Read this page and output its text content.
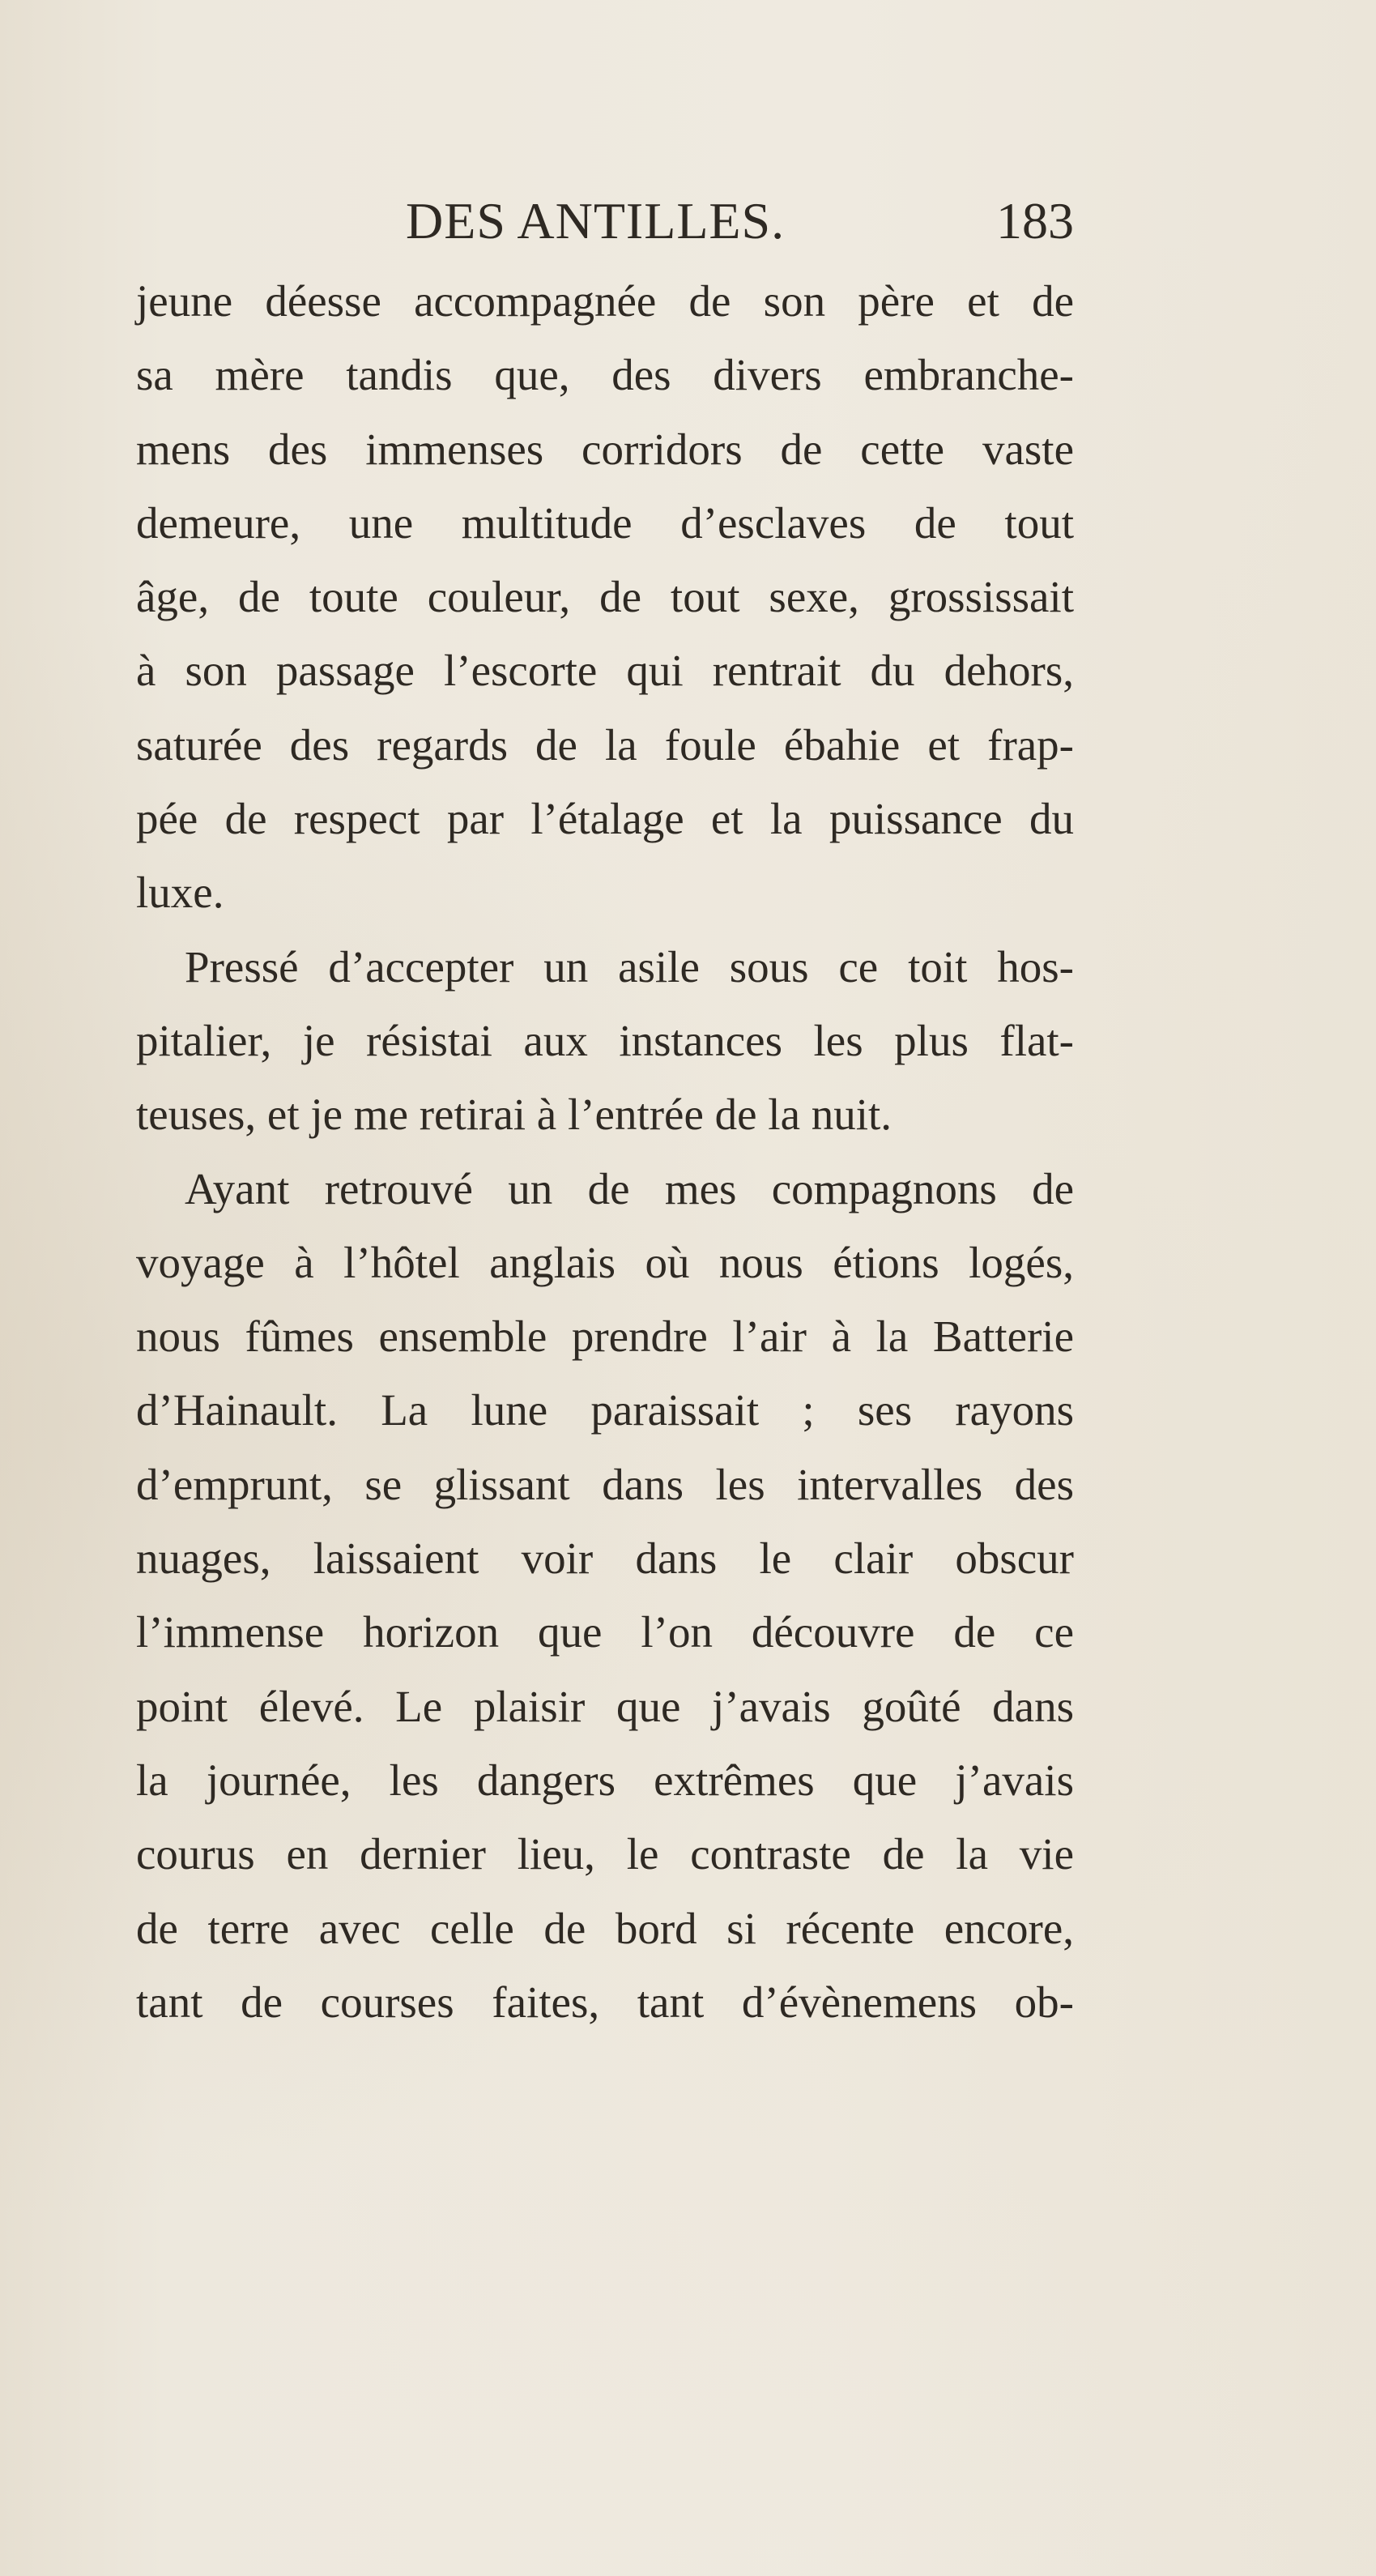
DES ANTILLES.	183
jeune déesse accompagnée de son père et de
sa mère tandis que, des divers embranche-
mens des immenses corridors de cette vaste
demeure, une multitude d’esclaves de tout
âge, de toute couleur, de tout sexe, grossissait
à son passage l’escorte qui rentrait du dehors,
saturée des regards de la foule ébahie et frap-
pée de respect par l’étalage et la puissance du
luxe.
Pressé d’accepter un asile sous ce toit hos-
pitalier, je résistai aux instances les plus flat-
teuses, et je me retirai à l’entrée de la nuit.
Ayant retrouvé un de mes compagnons de
voyage à l’hôtel anglais où nous étions logés,
nous fûmes ensemble prendre l’air à la Batterie
d’Hainault. La lune paraissait ; ses rayons
d’emprunt, se glissant dans les intervalles des
nuages, laissaient voir dans le clair obscur
l’immense horizon que l’on découvre de ce
point élevé. Le plaisir que j’avais goûté dans
la journée, les dangers extrêmes que j’avais
courus en dernier lieu, le contraste de la vie
de terre avec celle de bord si récente encore,
tant de courses faites, tant d’évènemens ob-
